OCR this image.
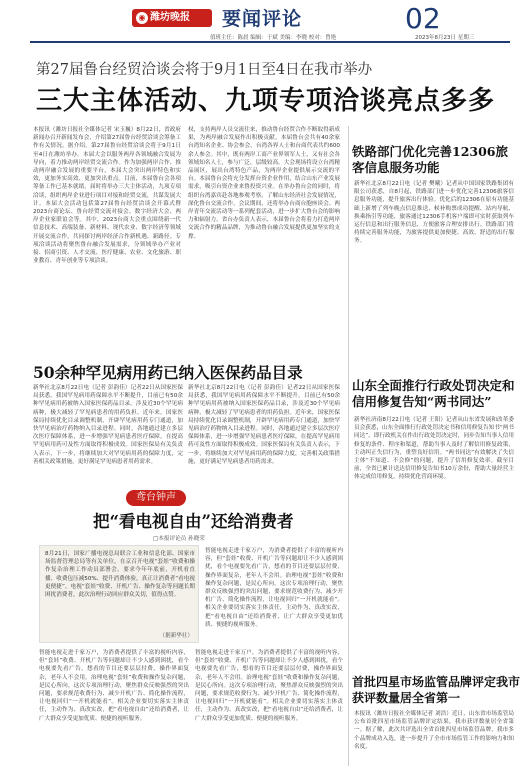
◉ 潍坊晚报	要闻评论	02
值班主任：陈晨 编辑：于斌 美编：李晓 校对：曾艳	2023年8月23日 星期三
第27届鲁台经贸洽谈会将于9月1日至4日在我市举办
三大主体活动、九项专项洽谈亮点多多
本报讯（潍坊日报社全媒体记者 宋玉巍）8月22日，省政府新闻办召开新闻发布会，介绍第27届鲁台经贸洽谈会筹备工作有关情况。据介绍，第27届鲁台经贸洽谈会将于9月1日至4日在潍坊举办。本届大会以服务两岸各领域融合发展为导向，着力推动两岸经贸交流合作。作为加强两岸合作、推动两岸融合发展的重要平台，本届大会突出两岸特色和实效，更加务实高效、更加突出重点。目前，本届鲁台会各项筹备工作已基本就绪，届时将举办三大主体活动，九项专项洽谈，组织两岸企业进行项目对接和经贸交流，共谋发展大计。本届大会活动包括第27届鲁台经贸洽谈会开幕式暨2023台商论坛、鲁台经贸交流对接会、数字经济大会、两岸企业家联谊会等。其中，2023台商大会重点围绕新一代信息技术、高端装备、新材料、现代农业、数字经济等领域开展交流合作，共同探讨两岸经济合作新机遇、新路径。专项洽谈活动将聚焦鲁台融合发展需求，分领域举办产业对接、招商引资、人才交流、医疗健康、农业、文化旅游、职业教育、青年创业等专项洽谈。
权，支持两岸人员交流往来，推动鲁台经贸合作不断取得新成果，为两岸融合发展作出积极贡献。本届鲁台会共有40余家台湾知名企业、协会参会，台湾各界人士和台商代表共约600余人参会。其中，既有两岸工商产业界领军人士，又有社会各领域知名人士，参与广泛、层级较高。大会现场将设立台湾精品展区，展出台湾特色产品，为两岸企业提供展示交流的平台。本届鲁台会将充分发挥台资企业作用，结合山东产业发展需求，吸引台资企业来鲁投资兴业。在举办鲁台会的同时，将组织台湾嘉宾赴各地参观考察，了解山东经济社会发展情况，深化鲁台交流合作。会议期间，还将举办台商台胞座谈会、两岸青年交流活动等一系列配套活动，进一步扩大鲁台会的影响力和辐射力。省台办负责人表示，本届鲁台会将着力打造两岸交流合作的精品品牌，为推动鲁台融合发展提供更加坚实的支撑。
铁路部门优化完善12306旅客信息服务功能
新华社北京8月22日电（记者 樊曦）记者从中国国家铁路集团有限公司获悉，自8月起，铁路部门进一步优化完善12306旅客信息服务功能，提升旅客出行体验。优化后的12306在原有功能基础上新增了列车晚点信息推送、候补购票成功提醒、站内导航、换乘指引等功能，旅客通过12306手机客户端即可实时获取列车运行信息和出行服务信息，方便旅客合理安排出行。铁路部门将持续完善服务功能，为旅客提供更加便捷、高效、舒适的出行服务。
50余种罕见病用药已纳入医保药品目录
新华社北京8月22日电（记者 彭韵佳）记者22日从国家医保局获悉，我国罕见病用药保障水平不断提升，目前已有50余种罕见病用药被纳入国家医保药品目录，涉及近30个罕见病病种，极大减轻了罕见病患者的用药负担。近年来，国家医保局持续优化目录调整机制，开辟罕见病用药专门通道，加快罕见病治疗药物纳入目录进程。同时，各地通过建立多层次医疗保障体系，进一步增强罕见病患者医疗保障，在提高罕见病用药可及性方面取得积极成效。国家医保局有关负责人表示，下一步，将继续加大对罕见病用药的保障力度，完善相关政策措施，更好满足罕见病患者用药需求。
新华社北京8月22日电（记者 彭韵佳）记者22日从国家医保局获悉，我国罕见病用药保障水平不断提升，目前已有50余种罕见病用药被纳入国家医保药品目录，涉及近30个罕见病病种，极大减轻了罕见病患者的用药负担。近年来，国家医保局持续优化目录调整机制，开辟罕见病用药专门通道，加快罕见病治疗药物纳入目录进程。同时，各地通过建立多层次医疗保障体系，进一步增强罕见病患者医疗保障，在提高罕见病用药可及性方面取得积极成效。国家医保局有关负责人表示，下一步，将继续加大对罕见病用药的保障力度，完善相关政策措施，更好满足罕见病患者用药需求。
山东全面推行行政处罚决定和信用修复告知“两书同达”
新华社济南8月22日电（记者 王阳）记者从山东省发展和改革委员会获悉，山东全面推行行政处罚决定书和信用修复告知书“两书同达”，即行政机关在作出行政处罚决定时，同步告知当事人信用修复的条件、程序和渠道，帮助当事人及时了解信用修复政策，主动纠正失信行为，重塑良好信用。“两书同达”有效解决了失信主体“不知道、不会修”的问题，提升了信用修复效率。截至目前，全省已累计送达信用修复告知书10万余份，帮助大量经营主体完成信用修复，持续优化营商环境。
鸢台钟声
把“看电视自由”还给消费者
□本报评论员 孙晓荣
8月21日，国家广播电视总局联合工业和信息化部、国家市场监督管理总局等有关单位，在京召开电视“套娃”收费和操作复杂治理工作动员部署会。要求今年年底前，开机看直播、收费包压减50%、提升消费体验，真正让消费者“看电视更便捷”。电视“套娃”收费、开机广告、操作复杂等问题长期困扰消费者，此次治理行动回应群众关切，值得点赞。
（据新华社）
智能电视走进千家万户，为消费者提供了丰富的视听内容，但“套娃”收费、开机广告等问题却让不少人感到困扰，看个电视要先看广告，想看的节目还要层层付费，操作界面复杂，老年人不会用。治理电视“套娃”收费和操作复杂问题，是民心所向。这次专项治理行动，聚焦群众反映强烈的突出问题，要求规范收费行为、减少开机广告、简化操作流程，让电视回归“一开机就能看”。相关企业要切实落实主体责任，主动作为、真改实改，把“看电视自由”还给消费者，让广大群众享受更加优质、便捷的视听服务。
智能电视走进千家万户，为消费者提供了丰富的视听内容，但“套娃”收费、开机广告等问题却让不少人感到困扰，看个电视要先看广告，想看的节目还要层层付费，操作界面复杂，老年人不会用。治理电视“套娃”收费和操作复杂问题，是民心所向。这次专项治理行动，聚焦群众反映强烈的突出问题，要求规范收费行为、减少开机广告、简化操作流程，让电视回归“一开机就能看”。相关企业要切实落实主体责任，主动作为、真改实改，把“看电视自由”还给消费者，让广大群众享受更加优质、便捷的视听服务。
智能电视走进千家万户，为消费者提供了丰富的视听内容，但“套娃”收费、开机广告等问题却让不少人感到困扰，看个电视要先看广告，想看的节目还要层层付费，操作界面复杂，老年人不会用。治理电视“套娃”收费和操作复杂问题，是民心所向。这次专项治理行动，聚焦群众反映强烈的突出问题，要求规范收费行为、减少开机广告、简化操作流程，让电视回归“一开机就能看”。相关企业要切实落实主体责任，主动作为、真改实改，把“看电视自由”还给消费者，让广大群众享受更加优质、便捷的视听服务。
首批四星市场监管品牌评定我市获评数量居全省第一
本报讯（潍坊日报社全媒体记者 刘浩）近日，山东省市场监管局公布首批四星市场监管品牌评定结果，我市获评数量居全省第一。据了解，此次共评选出全省首批四星市场监管品牌，我市多个品牌成功入选，进一步提升了全市市场监管工作的影响力和知名度。
